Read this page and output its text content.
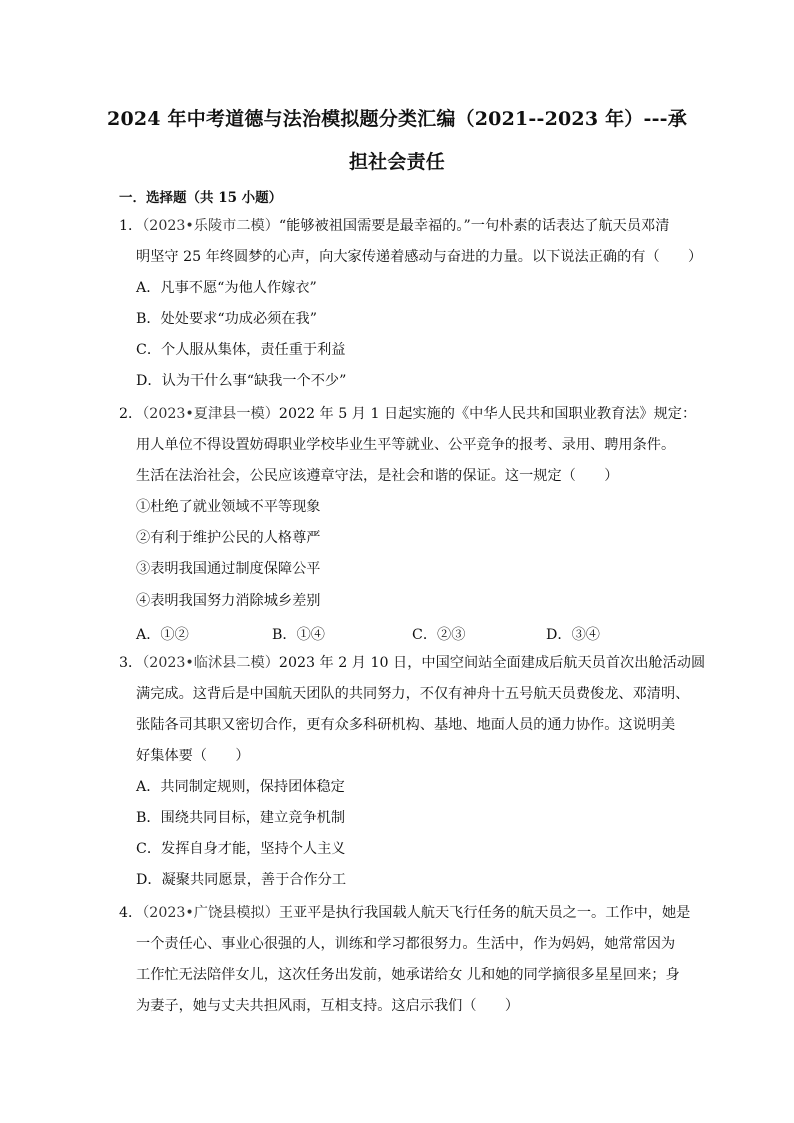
2024 年中考道德与法治模拟题分类汇编（2021--2023 年）---承
担社会责任
一．选择题（共 15 小题）
1．（2023•乐陵市二模）“能够被祖国需要是最幸福的。”一句朴素的话表达了航天员邓清
明坚守 25 年终圆梦的心声，向大家传递着感动与奋进的力量。以下说法正确的有（　　）
A．凡事不愿“为他人作嫁衣”
B．处处要求“功成必须在我”
C．个人服从集体，责任重于利益
D．认为干什么事“缺我一个不少”
2．（2023•夏津县一模）2022 年 5 月 1 日起实施的《中华人民共和国职业教育法》规定：
用人单位不得设置妨碍职业学校毕业生平等就业、公平竞争的报考、录用、聘用条件。
生活在法治社会，公民应该遵章守法，是社会和谐的保证。这一规定（　　）
①杜绝了就业领域不平等现象
②有利于维护公民的人格尊严
③表明我国通过制度保障公平
④表明我国努力消除城乡差别
A．①②	B．①④	C．②③	D．③④
3．（2023•临沭县二模）2023 年 2 月 10 日，中国空间站全面建成后航天员首次出舱活动圆
满完成。这背后是中国航天团队的共同努力，不仅有神舟十五号航天员费俊龙、邓清明、
张陆各司其职又密切合作，更有众多科研机构、基地、地面人员的通力协作。这说明美
好集体要（　　）
A．共同制定规则，保持团体稳定
B．围绕共同目标，建立竞争机制
C．发挥自身才能，坚持个人主义
D．凝聚共同愿景，善于合作分工
4．（2023•广饶县模拟）王亚平是执行我国载人航天飞行任务的航天员之一。工作中，她是
一个责任心、事业心很强的人，训练和学习都很努力。生活中，作为妈妈，她常常因为
工作忙无法陪伴女儿，这次任务出发前，她承诺给女 儿和她的同学摘很多星星回来；身
为妻子，她与丈夫共担风雨，互相支持。这启示我们（　　）
